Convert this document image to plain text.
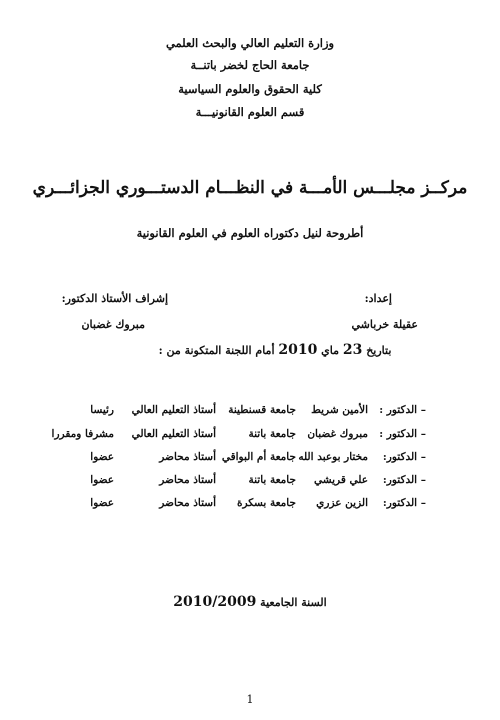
وزارة التعليم العالي والبحث العلمي
جامعة الحاج لخضر باتنــة
كلية الحقوق والعلوم السياسية
قسم العلوم القانونيـــة
مركــز مجلـــس الأمـــة في النظـــام الدستـــوري الجزائـــري
أطروحة لنيل دكتوراه العلوم في العلوم القانونية
إعداد:
عقيلة خرباشي
إشراف الأستاذ الدكتور:
مبروك غضبان
بتاريخ 23 ماي 2010 أمام اللجنة المتكونة من :
– الدكتور :
الأمين شريط
جامعة قسنطينة
أستاذ التعليم العالي
رئيسا
– الدكتور :
مبروك غضبان
جامعة باتنة
أستاذ التعليم العالي
مشرفا ومقررا
– الدكتور:
مختار بوعبد الله
جامعة أم البواقي
أستاذ محاضر
عضوا
– الدكتور:
علي قريشي
جامعة باتنة
أستاذ محاضر
عضوا
– الدكتور:
الزين عزري
جامعة بسكرة
أستاذ محاضر
عضوا
السنة الجامعية 2010/2009
1
